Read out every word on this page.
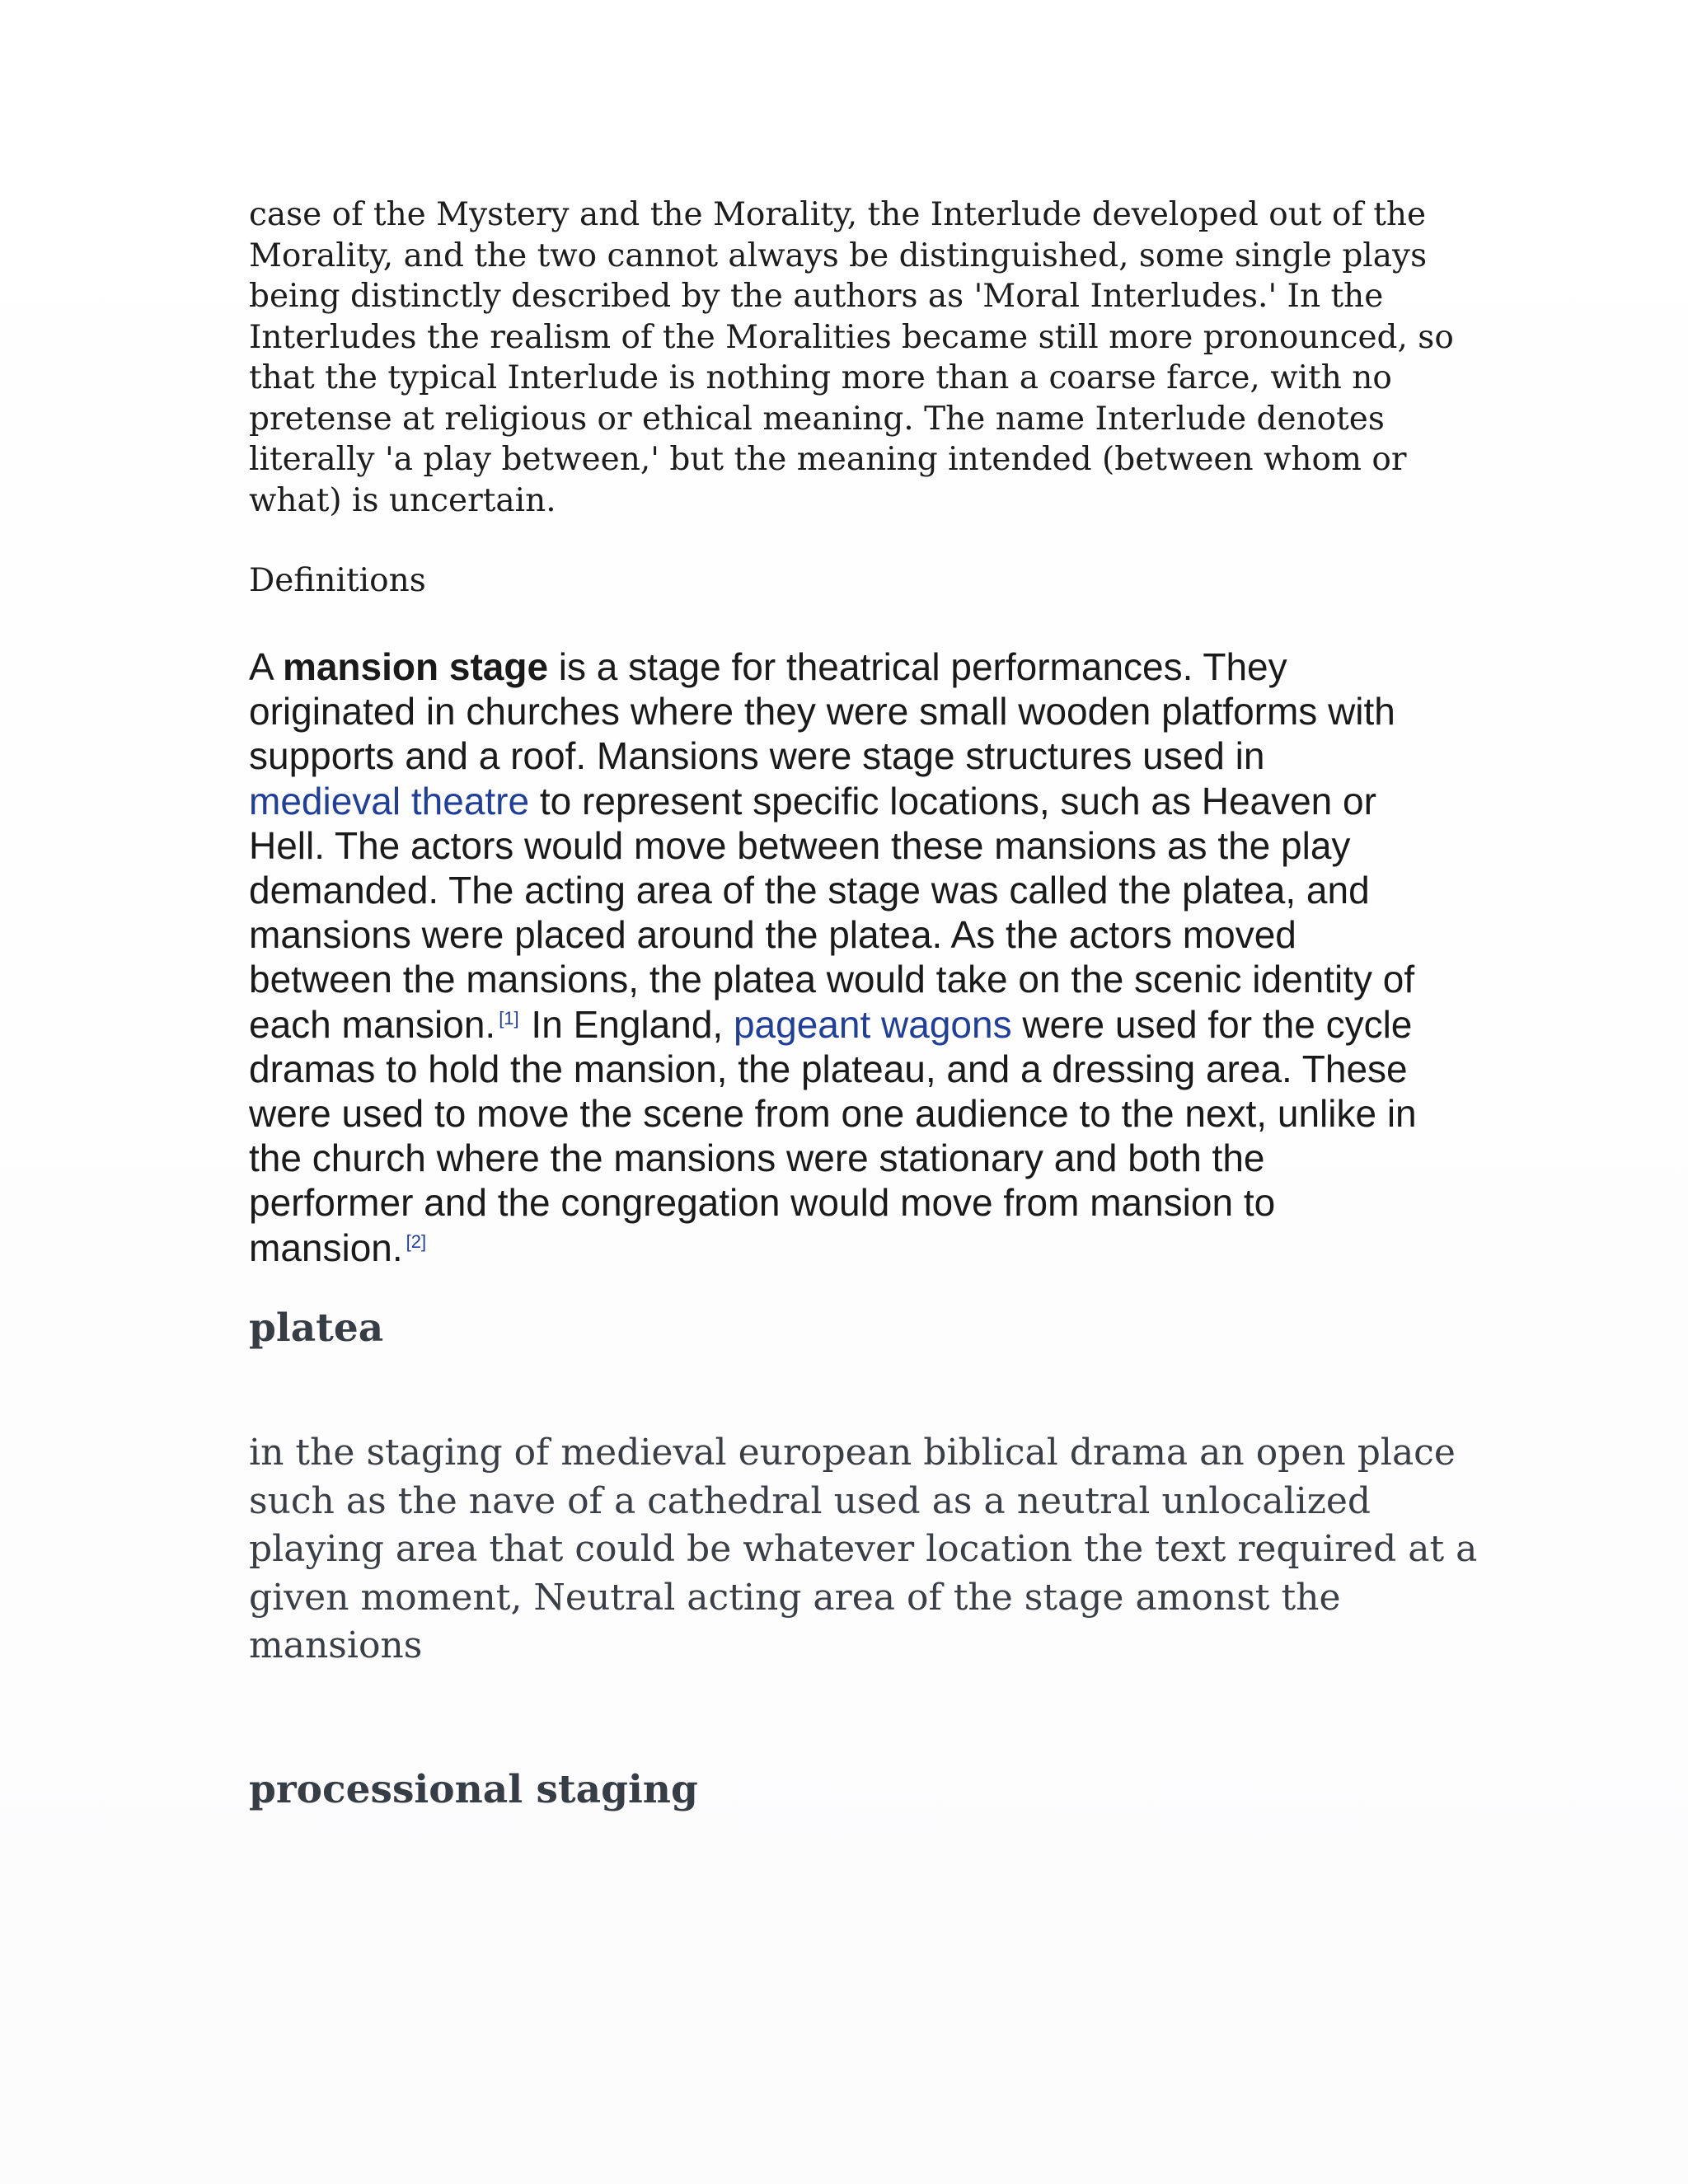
case of the Mystery and the Morality, the Interlude developed out of the
Morality, and the two cannot always be distinguished, some single plays
being distinctly described by the authors as 'Moral Interludes.' In the
Interludes the realism of the Moralities became still more pronounced, so
that the typical Interlude is nothing more than a coarse farce, with no
pretense at religious or ethical meaning. The name Interlude denotes
literally 'a play between,' but the meaning intended (between whom or
what) is uncertain.

Definitions

A mansion stage is a stage for theatrical performances. They
originated in churches where they were small wooden platforms with
supports and a roof. Mansions were stage structures used in
medieval theatre to represent specific locations, such as Heaven or
Hell. The actors would move between these mansions as the play
demanded. The acting area of the stage was called the platea, and
mansions were placed around the platea. As the actors moved
between the mansions, the platea would take on the scenic identity of
each mansion. [1] In England, pageant wagons were used for the cycle
dramas to hold the mansion, the plateau, and a dressing area. These
were used to move the scene from one audience to the next, unlike in
the church where the mansions were stationary and both the
performer and the congregation would move from mansion to
mansion. [2]

platea

in the staging of medieval european biblical drama an open place
such as the nave of a cathedral used as a neutral unlocalized
playing area that could be whatever location the text required at a
given moment, Neutral acting area of the stage amonst the
mansions

processional staging
